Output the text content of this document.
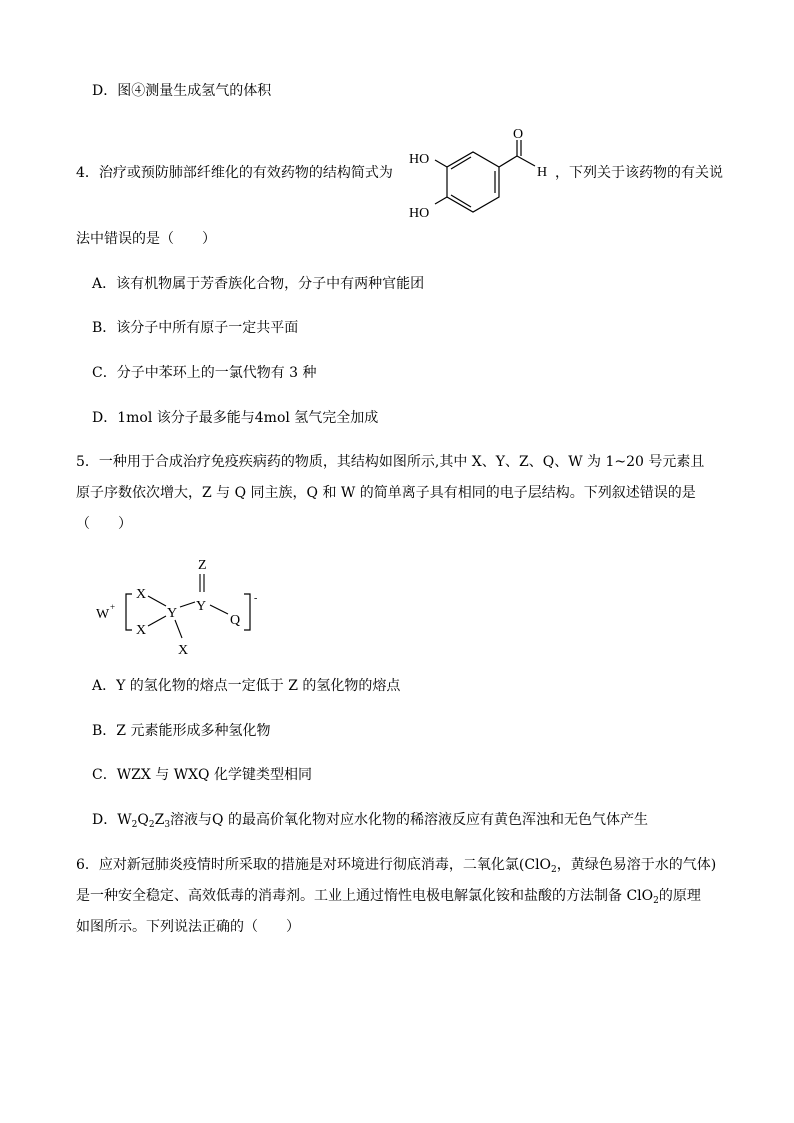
D．图④测量生成氢气的体积
4．治疗或预防肺部纤维化的有效药物的结构简式为
HO
HO
O
H ，下列关于该药物的有关说
法中错误的是（　　）
A．该有机物属于芳香族化合物，分子中有两种官能团
B．该分子中所有原子一定共平面
C．分子中苯环上的一氯代物有 3 种
D．1mol 该分子最多能与4mol 氢气完全加成
5．一种用于合成治疗免疫疾病药的物质，其结构如图所示,其中 X、Y、Z、Q、W 为 1~20 号元素且
原子序数依次增大，Z 与 Q 同主族，Q 和 W 的简单离子具有相同的电子层结构。下列叙述错误的是
（　　）
W +
-
X
X
Y
X
Y
Z
Q
A．Y 的氢化物的熔点一定低于 Z 的氢化物的熔点
B．Z 元素能形成多种氢化物
C．WZX 与 WXQ 化学键类型相同
D．$W_2Q_2Z_3$溶液与Q 的最高价氧化物对应水化物的稀溶液反应有黄色浑浊和无色气体产生
6．应对新冠肺炎疫情时所采取的措施是对环境进行彻底消毒，二氧化氯(ClO$_2$，黄绿色易溶于水的气体)
是一种安全稳定、高效低毒的消毒剂。工业上通过惰性电极电解氯化铵和盐酸的方法制备 ClO$_2$的原理
如图所示。下列说法正确的（　　）
